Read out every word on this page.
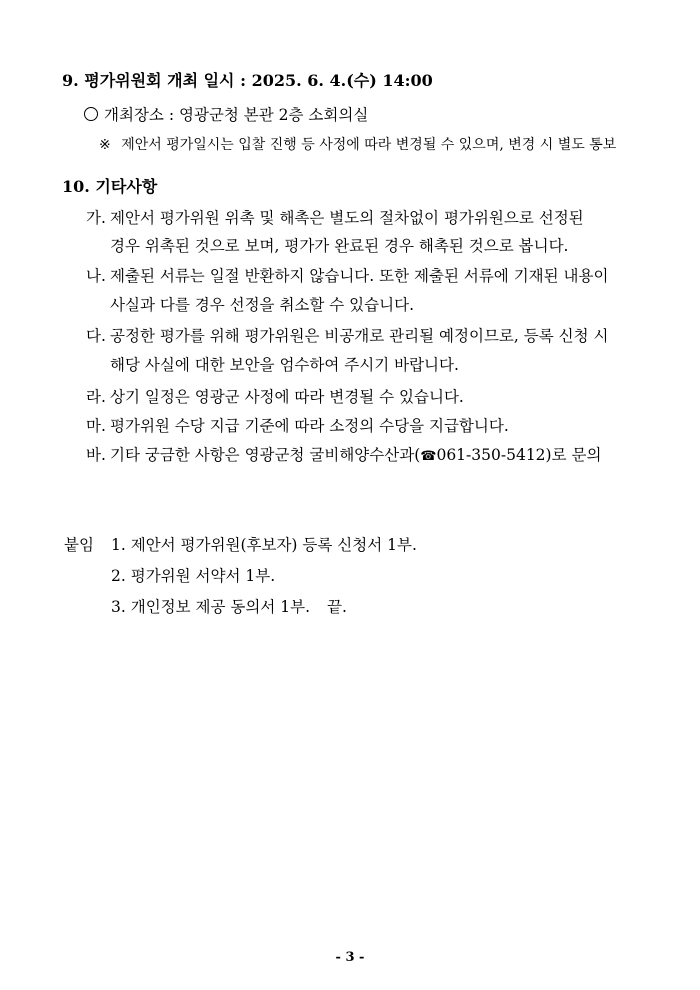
9. 평가위원회 개최 일시 : 2025. 6. 4.(수) 14:00
개최장소 : 영광군청 본관 2층 소회의실
※ 제안서 평가일시는 입찰 진행 등 사정에 따라 변경될 수 있으며, 변경 시 별도 통보
10. 기타사항
가. 제안서 평가위원 위촉 및 해촉은 별도의 절차없이 평가위원으로 선정된
경우 위촉된 것으로 보며, 평가가 완료된 경우 해촉된 것으로 봅니다.
나. 제출된 서류는 일절 반환하지 않습니다. 또한 제출된 서류에 기재된 내용이
사실과 다를 경우 선정을 취소할 수 있습니다.
다. 공정한 평가를 위해 평가위원은 비공개로 관리될 예정이므로, 등록 신청 시
해당 사실에 대한 보안을 엄수하여 주시기 바랍니다.
라. 상기 일정은 영광군 사정에 따라 변경될 수 있습니다.
마. 평가위원 수당 지급 기준에 따라 소정의 수당을 지급합니다.
바. 기타 궁금한 사항은 영광군청 굴비해양수산과(☎061-350-5412)로 문의
붙임 1. 제안서 평가위원(후보자) 등록 신청서 1부.
2. 평가위원 서약서 1부.
3. 개인정보 제공 동의서 1부. 끝.
- 3 -
